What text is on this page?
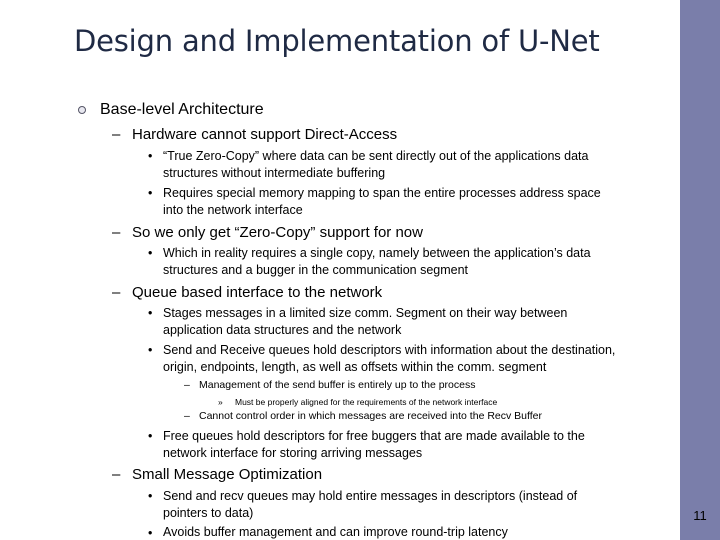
Design and Implementation of U-Net
11
Base-level Architecture
– Hardware cannot support Direct-Access
• “True Zero-Copy” where data can be sent directly out of the applications data
structures without intermediate buffering
• Requires special memory mapping to span the entire processes address space
into the network interface
– So we only get “Zero-Copy” support for now
• Which in reality requires a single copy, namely between the application’s data
structures and a bugger in the communication segment
– Queue based interface to the network
• Stages messages in a limited size comm. Segment on their way between
application data structures and the network
• Send and Receive queues hold descriptors with information about the destination,
origin, endpoints, length, as well as offsets within the comm. segment
– Management of the send buffer is entirely up to the process
» Must be properly aligned for the requirements of the network interface
– Cannot control order in which messages are received into the Recv Buffer
• Free queues hold descriptors for free buggers that are made available to the
network interface for storing arriving messages
– Small Message Optimization
• Send and recv queues may hold entire messages in descriptors (instead of
pointers to data)
• Avoids buffer management and can improve round-trip latency
